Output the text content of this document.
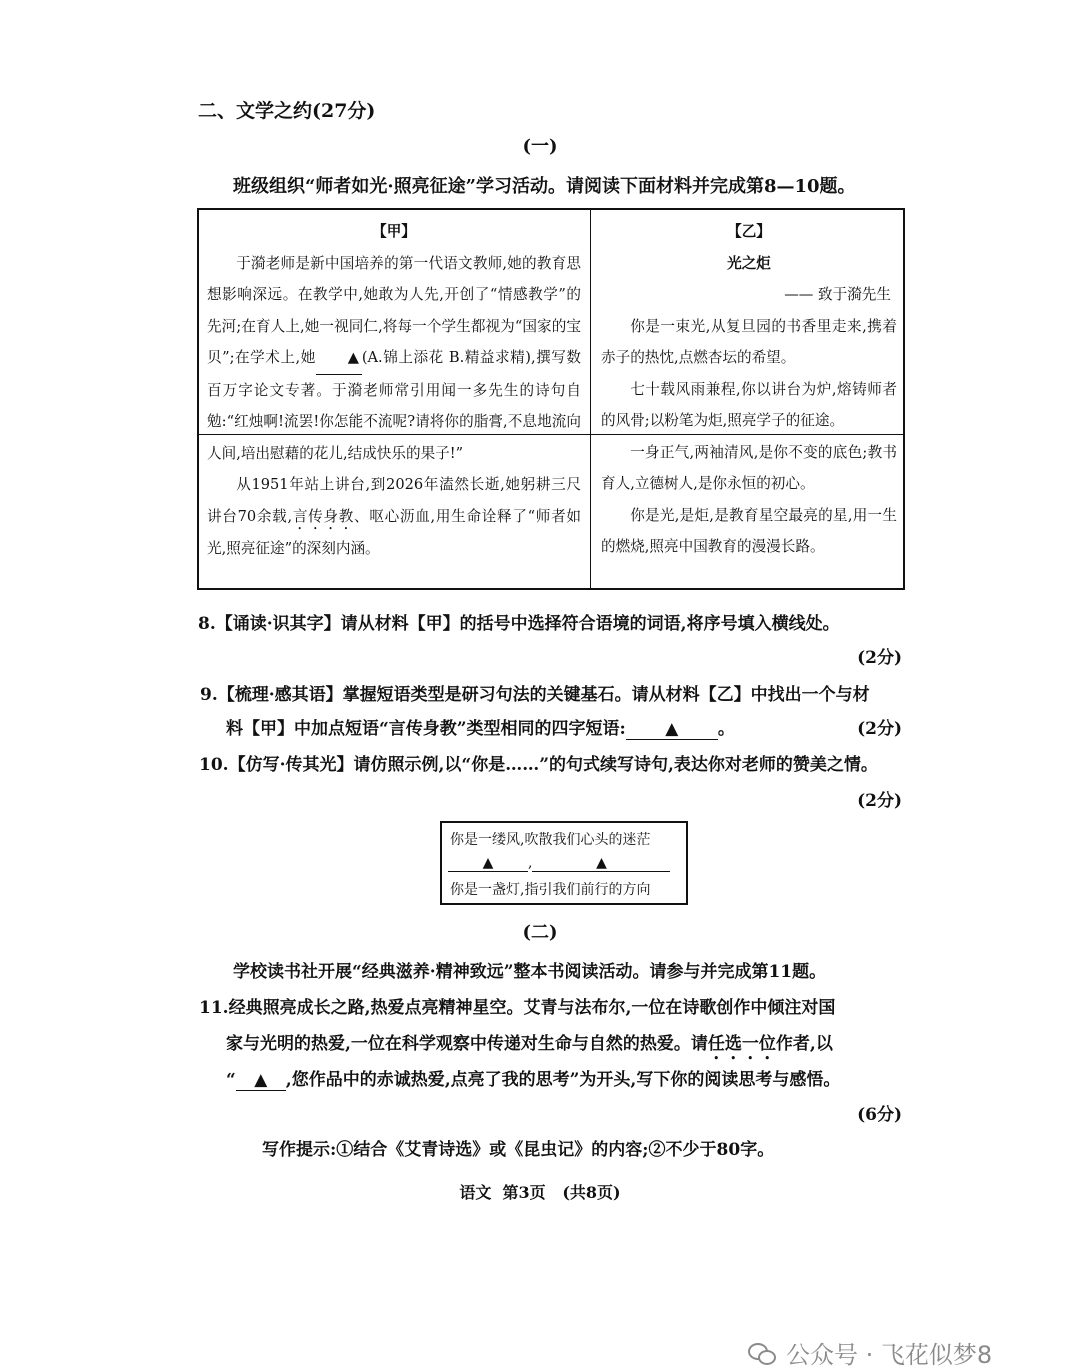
二、文学之约(27分)
(一)
班级组织“师者如光·照亮征途”学习活动。请阅读下面材料并完成第8—10题。
【甲】

于漪老师是新中国培养的第一代语文教师,她的教育思想影响深远。在教学中,她敢为人先,开创了“情感教学”的先河;在育人上,她一视同仁,将每一个学生都视为“国家的宝贝”;在学术上,她 ▲ (A.锦上添花 B.精益求精),撰写数百万字论文专著。于漪老师常引用闻一多先生的诗句自勉:“红烛啊!流罢!你怎能不流呢?请将你的脂膏,不息地流向人间,培出慰藉的花儿,结成快乐的果子!”

从1951年站上讲台,到2026年溘然长逝,她躬耕三尺讲台70余载,言传身教、呕心沥血,用生命诠释了“师者如光,照亮征途”的深刻内涵。

【乙】
光之炬
—— 致于漪先生

你是一束光,从复旦园的书香里走来,携着赤子的热忱,点燃杏坛的希望。

七十载风雨兼程,你以讲台为炉,熔铸师者的风骨;以粉笔为炬,照亮学子的征途。

一身正气,两袖清风,是你不变的底色;教书育人,立德树人,是你永恒的初心。

你是光,是炬,是教育星空最亮的星,用一生的燃烧,照亮中国教育的漫漫长路。

8.【诵读·识其字】请从材料【甲】的括号中选择符合语境的词语,将序号填入横线处。
(2分)
9.【梳理·感其语】掌握短语类型是研习句法的关键基石。请从材料【乙】中找出一个与材
料【甲】中加点短语“言传身教”类型相同的四字短语: ▲ 。	(2分)
10.【仿写·传其光】请仿照示例,以“你是……”的句式续写诗句,表达你对老师的赞美之情。
(2分)
你是一缕风,吹散我们心头的迷茫
▲ ,	▲
你是一盏灯,指引我们前行的方向
(二)
学校读书社开展“经典滋养·精神致远”整本书阅读活动。请参与并完成第11题。
11.经典照亮成长之路,热爱点亮精神星空。艾青与法布尔,一位在诗歌创作中倾注对国
家与光明的热爱,一位在科学观察中传递对生命与自然的热爱。请任选一位作者,以
“ ▲ ,您作品中的赤诚热爱,点亮了我的思考”为开头,写下你的阅读思考与感悟。
(6分)
写作提示:①结合《艾青诗选》或《昆虫记》的内容;②不少于80字。
语文  第3页   (共8页)
公众号 · 飞花似梦8
